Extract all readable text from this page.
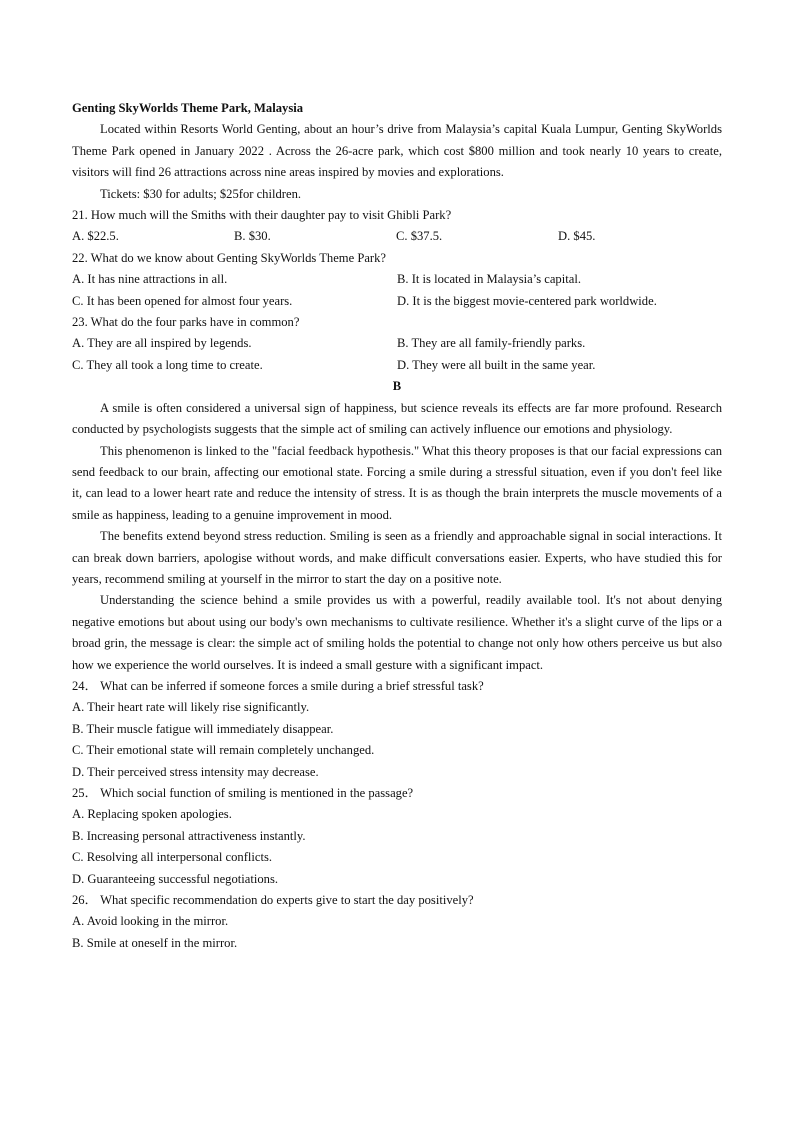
Genting SkyWorlds Theme Park, Malaysia

Located within Resorts World Genting, about an hour’s drive from Malaysia’s capital Kuala Lumpur, Genting SkyWorlds Theme Park opened in January 2022 . Across the 26-acre park, which cost $800 million and took nearly 10 years to create, visitors will find 26 attractions across nine areas inspired by movies and explorations.

Tickets: $30 for adults; $25for children.

21. How much will the Smiths with their daughter pay to visit Ghibli Park?

A. $22.5.	B. $30.	C. $37.5.	D. $45.

22. What do we know about Genting SkyWorlds Theme Park?

A. It has nine attractions in all.	B. It is located in Malaysia’s capital.
C. It has been opened for almost four years.	D. It is the biggest movie-centered park worldwide.

23. What do the four parks have in common?

A. They are all inspired by legends.	B. They are all family-friendly parks.
C. They all took a long time to create.	D. They were all built in the same year.

B

A smile is often considered a universal sign of happiness, but science reveals its effects are far more profound. Research conducted by psychologists suggests that the simple act of smiling can actively influence our emotions and physiology.

This phenomenon is linked to the "facial feedback hypothesis." What this theory proposes is that our facial expressions can send feedback to our brain, affecting our emotional state. Forcing a smile during a stressful situation, even if you don't feel like it, can lead to a lower heart rate and reduce the intensity of stress. It is as though the brain interprets the muscle movements of a smile as happiness, leading to a genuine improvement in mood.

The benefits extend beyond stress reduction. Smiling is seen as a friendly and approachable signal in social interactions. It can break down barriers, apologise without words, and make difficult conversations easier. Experts, who have studied this for years, recommend smiling at yourself in the mirror to start the day on a positive note.

Understanding the science behind a smile provides us with a powerful, readily available tool. It's not about denying negative emotions but about using our body's own mechanisms to cultivate resilience. Whether it's a slight curve of the lips or a broad grin, the message is clear: the simple act of smiling holds the potential to change not only how others perceive us but also how we experience the world ourselves. It is indeed a small gesture with a significant impact.

24． What can be inferred if someone forces a smile during a brief stressful task?

A. Their heart rate will likely rise significantly.

B. Their muscle fatigue will immediately disappear.

C. Their emotional state will remain completely unchanged.

D. Their perceived stress intensity may decrease.

25． Which social function of smiling is mentioned in the passage?

A. Replacing spoken apologies.

B. Increasing personal attractiveness instantly.

C. Resolving all interpersonal conflicts.

D. Guaranteeing successful negotiations.

26． What specific recommendation do experts give to start the day positively?

A. Avoid looking in the mirror.

B. Smile at oneself in the mirror.
